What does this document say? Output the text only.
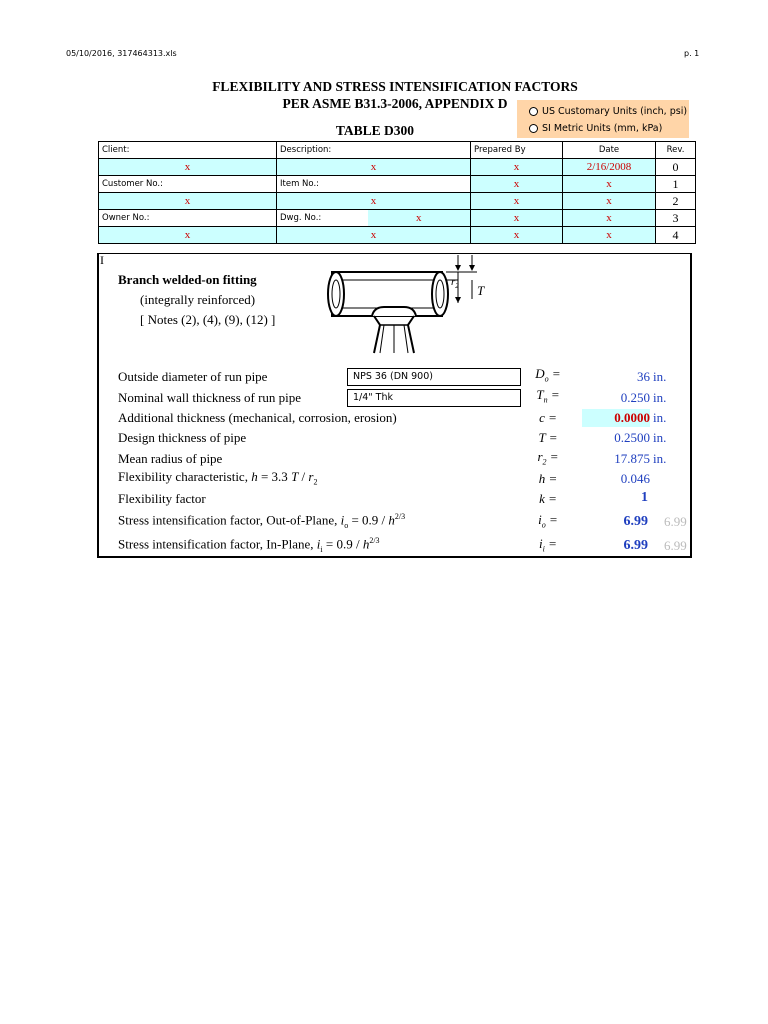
05/10/2016, 317464313.xls	p. 1
FLEXIBILITY AND STRESS INTENSIFICATION FACTORS
PER ASME B31.3-2006, APPENDIX D
TABLE D300
US Customary Units (inch, psi)
SI Metric Units (mm, kPa)
Client:	Description:		Prepared By	Date	Rev.
x	x		x	2/16/2008	0
Customer No.:	Item No.:		x	x	1
x	x		x	x	2
Owner No.:	Dwg. No.:	x	x	x	3
x	x		x	x	4
I
Branch welded-on fitting
(integrally reinforced)
[ Notes (2), (4), (9), (12) ]
$r_2$ T
Outside diameter of run pipe	NPS 36 (DN 900)	$D_o$ =	36 in.
Nominal wall thickness of run pipe	1/4" Thk	$T_n$ =	0.250 in.
Additional thickness (mechanical, corrosion, erosion)	c =	0.0000 in.
Design thickness of pipe	T =	0.2500 in.
Mean radius of pipe	$r_2$ =	17.875 in.
Flexibility characteristic, h = 3.3 T / $r_2$	h =	0.046
Flexibility factor	k =	1
Stress intensification factor, Out-of-Plane, $i_o = 0.9 / h^{2/3}$	$i_o$ =	6.99 6.99
Stress intensification factor, In-Plane, $i_i = 0.9 / h^{2/3}$	$i_i$ =	6.99 6.99
